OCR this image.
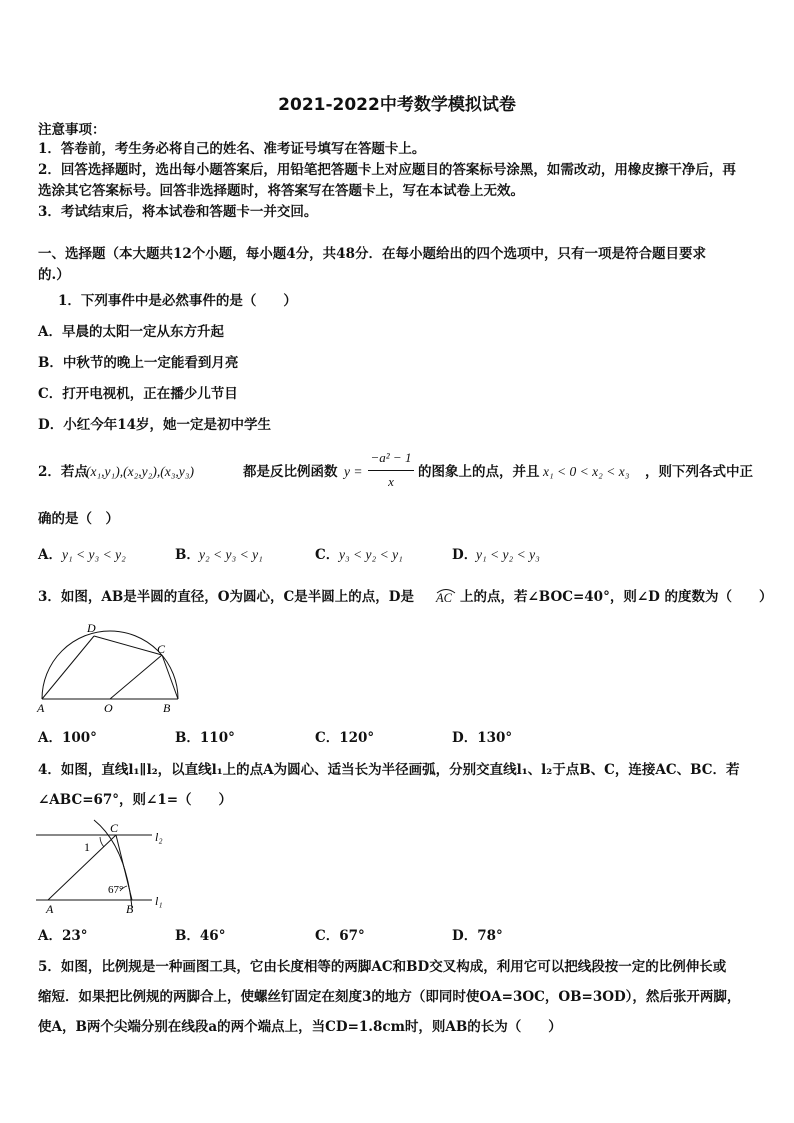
2021-2022中考数学模拟试卷
注意事项：
1．答卷前，考生务必将自己的姓名、准考证号填写在答题卡上。
2．回答选择题时，选出每小题答案后，用铅笔把答题卡上对应题目的答案标号涂黑，如需改动，用橡皮擦干净后，再
选涂其它答案标号。回答非选择题时，将答案写在答题卡上，写在本试卷上无效。
3．考试结束后，将本试卷和答题卡一并交回。
一、选择题（本大题共12个小题，每小题4分，共48分．在每小题给出的四个选项中，只有一项是符合题目要求
的.）
1．下列事件中是必然事件的是（　　）
A．早晨的太阳一定从东方升起
B．中秋节的晚上一定能看到月亮
C．打开电视机，正在播少儿节目
D．小红今年14岁，她一定是初中学生
2．若点
(x₁,y₁),(x₂,y₂),(x₃,y₃)	都是反比例函数 y =
−a² − 1
x
的图象上的点，并且 x₁ < 0 < x₂ < x₃ ，则下列各式中正
确的是（　）
A． y₁ < y₃ < y₂	B． y₂ < y₃ < y₁	C． y₃ < y₂ < y₁	D．
y₁ < y₂ < y₃
3．如图，AB是半圆的直径，O为圆心，C是半圆上的点，D是 AC 上的点，若∠BOC=40°，则∠D 的度数为（　　）
D
C
A	O	B
A．100°	B．110°	C．120°	D．130°
4．如图，直线l₁∥l₂，以直线l₁上的点A为圆心、适当长为半径画弧，分别交直线l₁、l₂于点B、C，连接AC、BC．若
∠ABC=67°，则∠1=（　　）
C
l₂
1
67°
l₁
A	B
A．23°	B．46°	C．67°	D．78°
5．如图，比例规是一种画图工具，它由长度相等的两脚AC和BD交叉构成，利用它可以把线段按一定的比例伸长或
缩短．如果把比例规的两脚合上，使螺丝钉固定在刻度3的地方（即同时使OA=3OC，OB=3OD），然后张开两脚，
使A，B两个尖端分别在线段a的两个端点上，当CD=1.8cm时，则AB的长为（　　）
